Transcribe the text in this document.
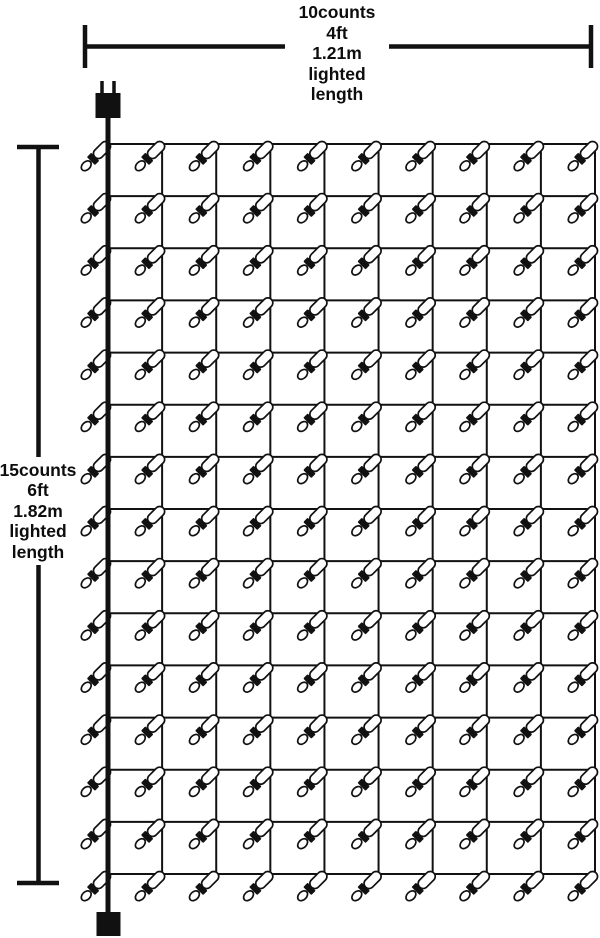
10counts
4ft
1.21m
lighted
length
15counts
6ft
1.82m
lighted
length
